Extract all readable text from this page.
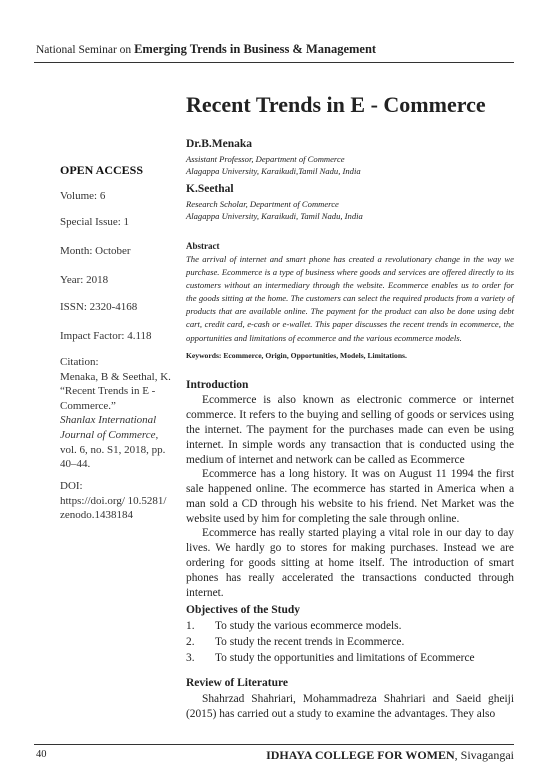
National Seminar on Emerging Trends in Business & Management
Recent Trends in E - Commerce
Dr.B.Menaka
Assistant Professor, Department of Commerce
Alagappa University, Karaikudi,Tamil Nadu, India
K.Seethal
Research Scholar, Department of Commerce
Alagappa University, Karaikudi, Tamil Nadu, India
OPEN ACCESS
Volume: 6
Special Issue: 1
Month: October
Year: 2018
ISSN: 2320-4168
Impact Factor: 4.118
Citation:
Menaka, B & Seethal, K. “Recent Trends in E - Commerce.”
Shanlax International Journal of Commerce,
vol. 6, no. S1, 2018, pp. 40–44.
DOI:
https://doi.org/ 10.5281/ zenodo.1438184
Abstract
The arrival of internet and smart phone has created a revolutionary change in the way we purchase. Ecommerce is a type of business where goods and services are offered directly to its customers without an intermediary through the website. Ecommerce enables us to order for the goods sitting at the home. The customers can select the required products from a variety of products that are available online. The payment for the product can also be done using debt cart, credit card, e-cash or e-wallet. This paper discusses the recent trends in ecommerce, the opportunities and limitations of ecommerce and the various ecommerce models.
Keywords: Ecommerce, Origin, Opportunities, Models, Limitations.
Introduction
Ecommerce is also known as electronic commerce or internet commerce. It refers to the buying and selling of goods or services using the internet. The payment for the purchases made can even be using internet. In simple words any transaction that is conducted using the medium of internet and network can be called as Ecommerce
Ecommerce has a long history. It was on August 11 1994 the first sale happened online. The ecommerce has started in America when a man sold a CD through his website to his friend. Net Market was the website used by him for completing the sale through online.
Ecommerce has really started playing a vital role in our day to day lives. We hardly go to stores for making purchases. Instead we are ordering for goods sitting at home itself. The introduction of smart phones has really accelerated the transactions conducted through internet.
Objectives of the Study
1. To study the various ecommerce models.
2. To study the recent trends in Ecommerce.
3. To study the opportunities and limitations of Ecommerce
Review of Literature
Shahrzad Shahriari, Mohammadreza Shahriari and Saeid gheiji (2015) has carried out a study to examine the advantages. They also
40	IDHAYA COLLEGE FOR WOMEN, Sivagangai
